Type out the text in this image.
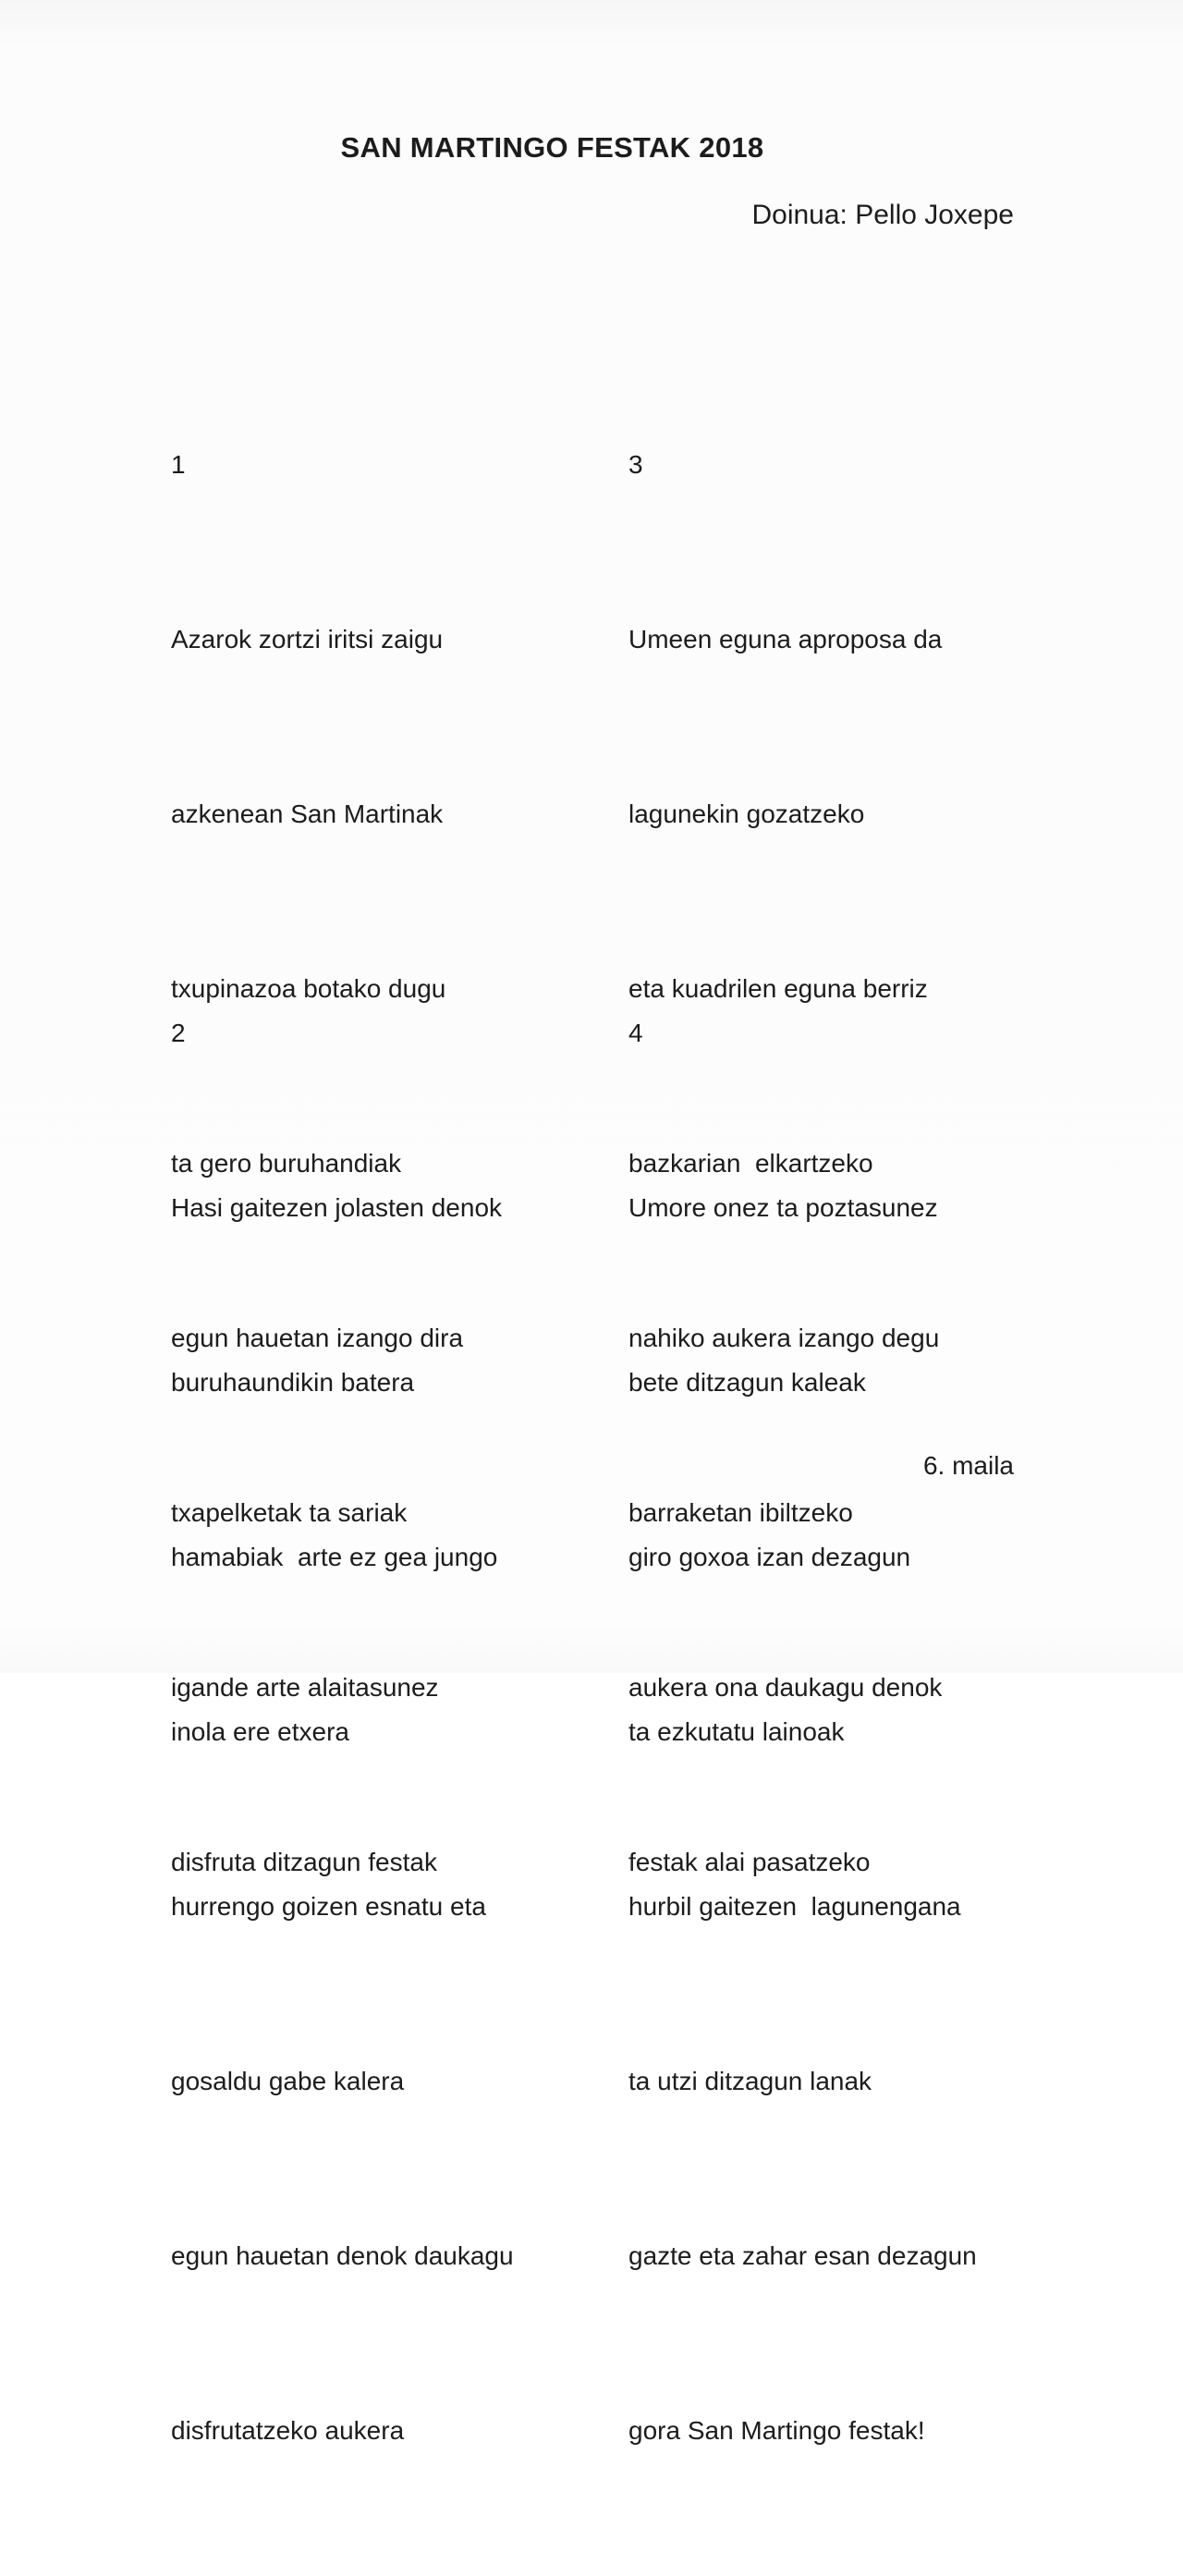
SAN MARTINGO FESTAK 2018
Doinua: Pello Joxepe

1

Azarok zortzi iritsi zaigu

azkenean San Martinak

txupinazoa botako dugu

ta gero buruhandiak

egun hauetan izango dira

txapelketak ta sariak

igande arte alaitasunez

disfruta ditzagun festak

3

Umeen eguna aproposa da

lagunekin gozatzeko

eta kuadrilen eguna berriz

bazkarian  elkartzeko

nahiko aukera izango degu

barraketan ibiltzeko

aukera ona daukagu denok

festak alai pasatzeko

2

Hasi gaitezen jolasten denok

buruhaundikin batera

hamabiak  arte ez gea jungo

inola ere etxera

hurrengo goizen esnatu eta

gosaldu gabe kalera

egun hauetan denok daukagu

disfrutatzeko aukera

4

Umore onez ta poztasunez

bete ditzagun kaleak

giro goxoa izan dezagun

ta ezkutatu lainoak

hurbil gaitezen  lagunengana

ta utzi ditzagun lanak

gazte eta zahar esan dezagun

gora San Martingo festak!

6. maila
